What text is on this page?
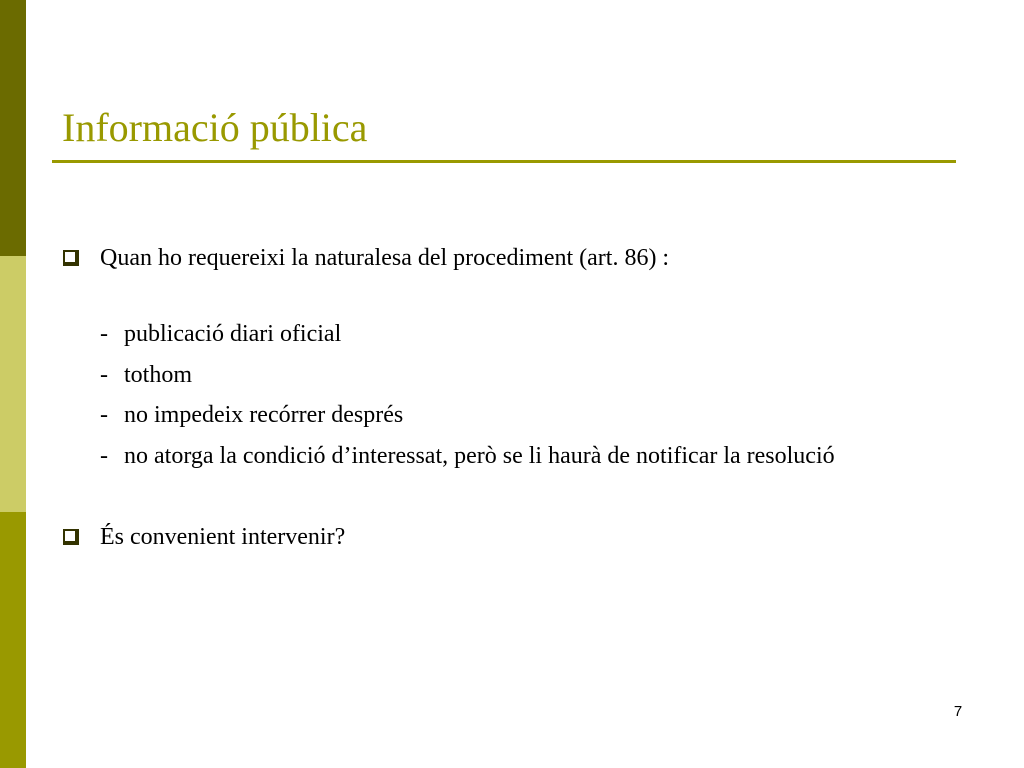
Informació pública

Quan ho requereixi la naturalesa del procediment (art. 86) :

- publicació diari oficial
- tothom
- no impedeix recórrer després
- no atorga la condició d’interessat, però se li haurà de notificar la resolució

És convenient intervenir?

7
